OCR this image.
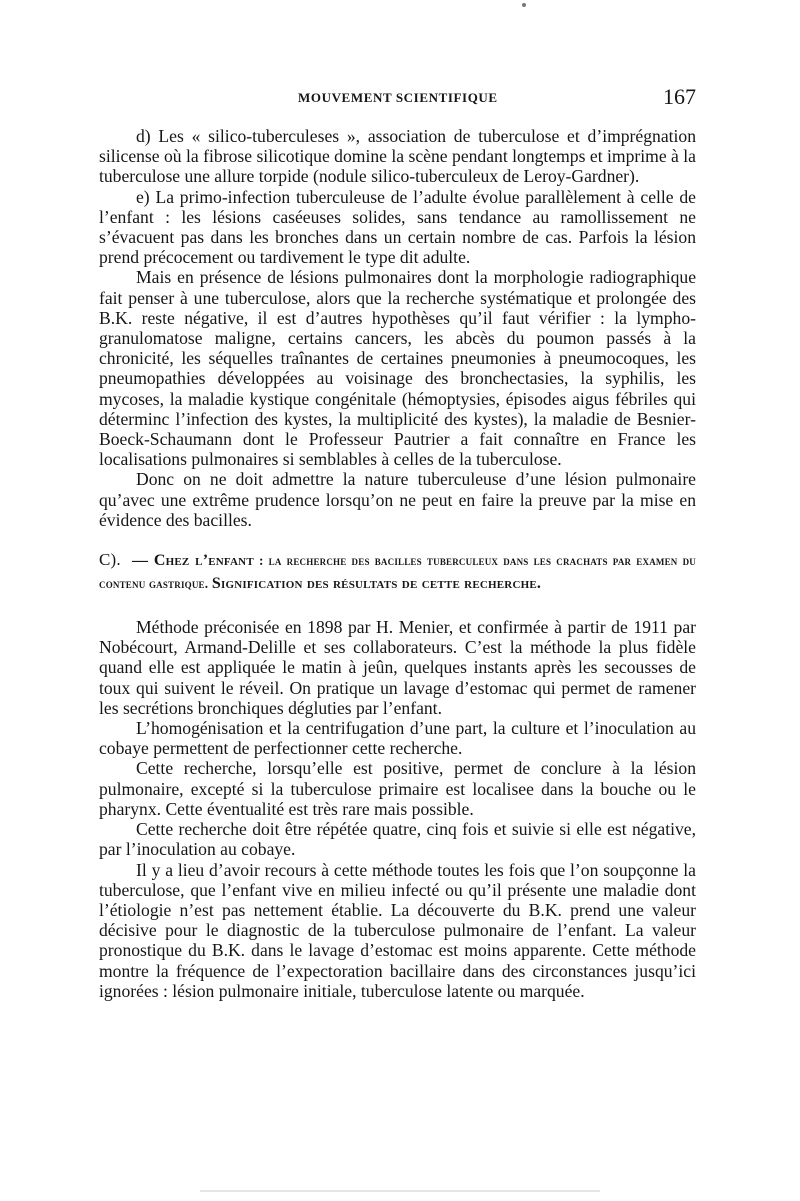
MOUVEMENT SCIENTIFIQUE	167

d) Les « silico-tuberculeses », association de tuberculose et d’imprégnation silicense où la fibrose silicotique domine la scène pendant longtemps et imprime à la tuberculose une allure torpide (nodule silico-tuberculeux de Leroy-Gardner).

e) La primo-infection tuberculeuse de l’adulte évolue parallèlement à celle de l’enfant : les lésions caséeuses solides, sans tendance au ramollissement ne s’évacuent pas dans les bronches dans un certain nombre de cas. Parfois la lésion prend précocement ou tardivement le type dit adulte.

Mais en présence de lésions pulmonaires dont la morphologie radiographique fait penser à une tuberculose, alors que la recherche systématique et prolongée des B.K. reste négative, il est d’autres hypothèses qu’il faut vérifier : la lympho-granulomatose maligne, certains cancers, les abcès du poumon passés à la chronicité, les séquelles traînantes de certaines pneumonies à pneumocoques, les pneumopathies développées au voisinage des bronchectasies, la syphilis, les mycoses, la maladie kystique congénitale (hémoptysies, épisodes aigus fébriles qui déterminc l’infection des kystes, la multiplicité des kystes), la maladie de Besnier-Boeck-Schaumann dont le Professeur Pautrier a fait connaître en France les localisations pulmonaires si semblables à celles de la tuberculose.

Donc on ne doit admettre la nature tuberculeuse d’une lésion pulmonaire qu’avec une extrême prudence lorsqu’on ne peut en faire la preuve par la mise en évidence des bacilles.

C). — Chez l’enfant : la recherche des bacilles tuberculeux dans les crachats par examen du contenu gastrique. Signification des résultats de cette recherche.

Méthode préconisée en 1898 par H. Menier, et confirmée à partir de 1911 par Nobécourt, Armand-Delille et ses collaborateurs. C’est la méthode la plus fidèle quand elle est appliquée le matin à jeûn, quelques instants après les secousses de toux qui suivent le réveil. On pratique un lavage d’estomac qui permet de ramener les secrétions bronchiques dégluties par l’enfant.

L’homogénisation et la centrifugation d’une part, la culture et l’inoculation au cobaye permettent de perfectionner cette recherche.

Cette recherche, lorsqu’elle est positive, permet de conclure à la lésion pulmonaire, excepté si la tuberculose primaire est localisee dans la bouche ou le pharynx. Cette éventualité est très rare mais possible.

Cette recherche doit être répétée quatre, cinq fois et suivie si elle est négative, par l’inoculation au cobaye.

Il y a lieu d’avoir recours à cette méthode toutes les fois que l’on soupçonne la tuberculose, que l’enfant vive en milieu infecté ou qu’il présente une maladie dont l’étiologie n’est pas nettement établie. La découverte du B.K. prend une valeur décisive pour le diagnostic de la tuberculose pulmonaire de l’enfant. La valeur pronostique du B.K. dans le lavage d’estomac est moins apparente. Cette méthode montre la fréquence de l’expectoration bacillaire dans des circonstances jusqu’ici ignorées : lésion pulmonaire initiale, tuberculose latente ou marquée.
